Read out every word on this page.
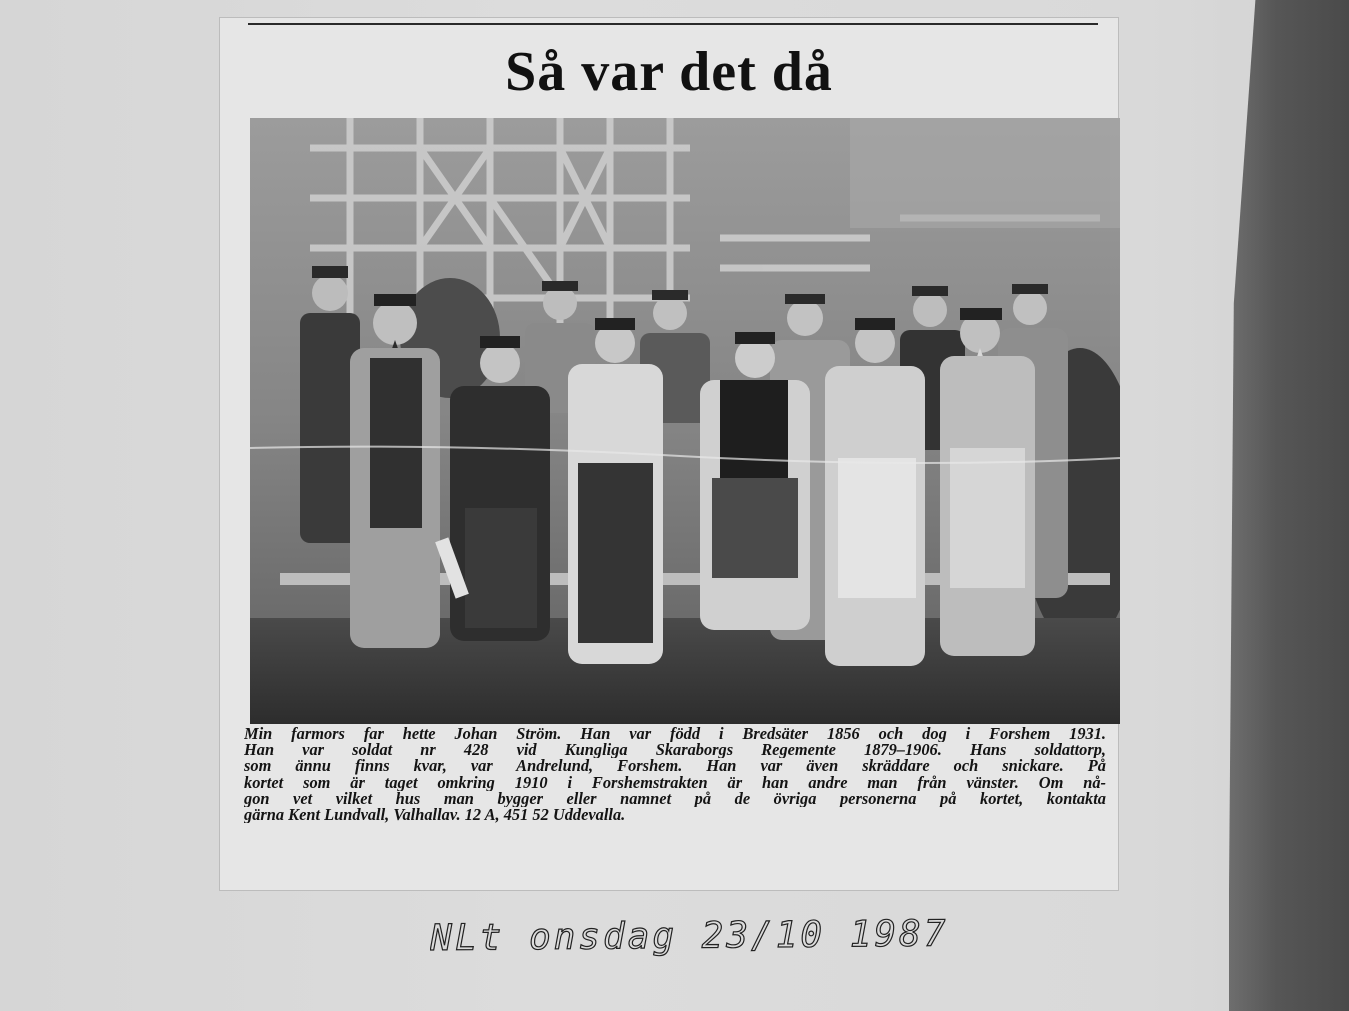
Så var det då
Min farmors far hette Johan Ström. Han var född i Bredsäter 1856 och dog i Forshem 1931.
Han var soldat nr 428 vid Kungliga Skaraborgs Regemente 1879–1906. Hans soldattorp,
som ännu finns kvar, var Andrelund, Forshem. Han var även skräddare och snickare. På
kortet som är taget omkring 1910 i Forshemstrakten är han andre man från vänster. Om nå-
gon vet vilket hus man bygger eller namnet på de övriga personerna på kortet, kontakta
gärna Kent Lundvall, Valhallav. 12 A, 451 52 Uddevalla.
NLt onsdag 23/10 1987
